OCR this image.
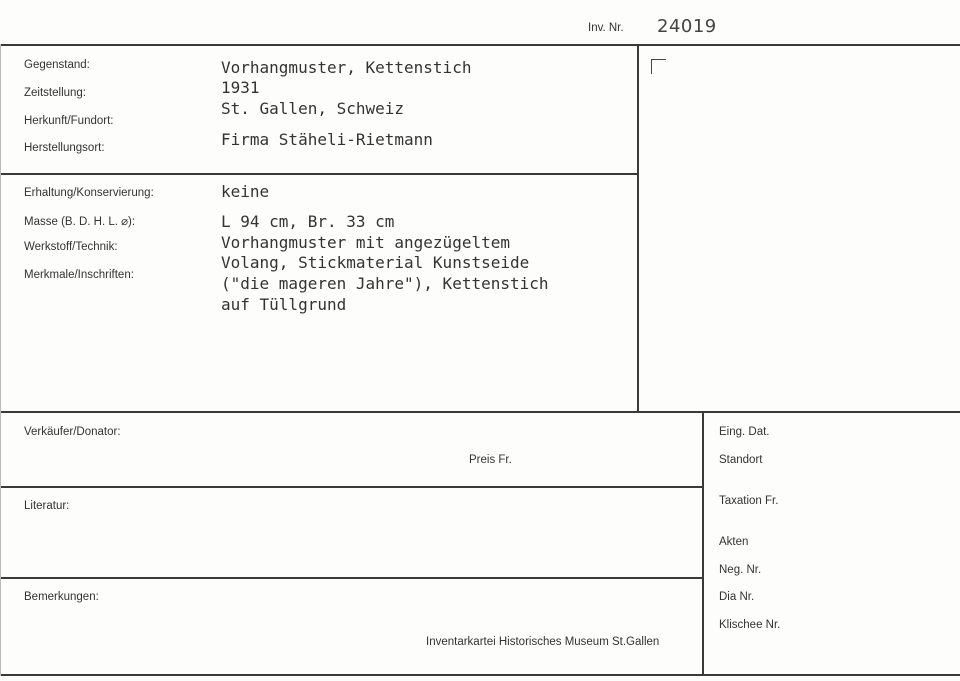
Inv. Nr. 24019
Gegenstand:
Zeitstellung:
Herkunft/Fundort:
Herstellungsort:
Vorhangmuster, Kettenstich
1931
St. Gallen, Schweiz
Firma Stäheli-Rietmann
Erhaltung/Konservierung:
Masse (B. D. H. L. ⌀):
Werkstoff/Technik:
Merkmale/Inschriften:
keine
L 94 cm, Br. 33 cm
Vorhangmuster mit angezügeltem
Volang, Stickmaterial Kunstseide
("die mageren Jahre"), Kettenstich
auf Tüllgrund
Verkäufer/Donator:
Preis Fr.
Literatur:
Bemerkungen:
Inventarkartei Historisches Museum St.Gallen
Eing. Dat.
Standort
Taxation Fr.
Akten
Neg. Nr.
Dia Nr.
Klischee Nr.
